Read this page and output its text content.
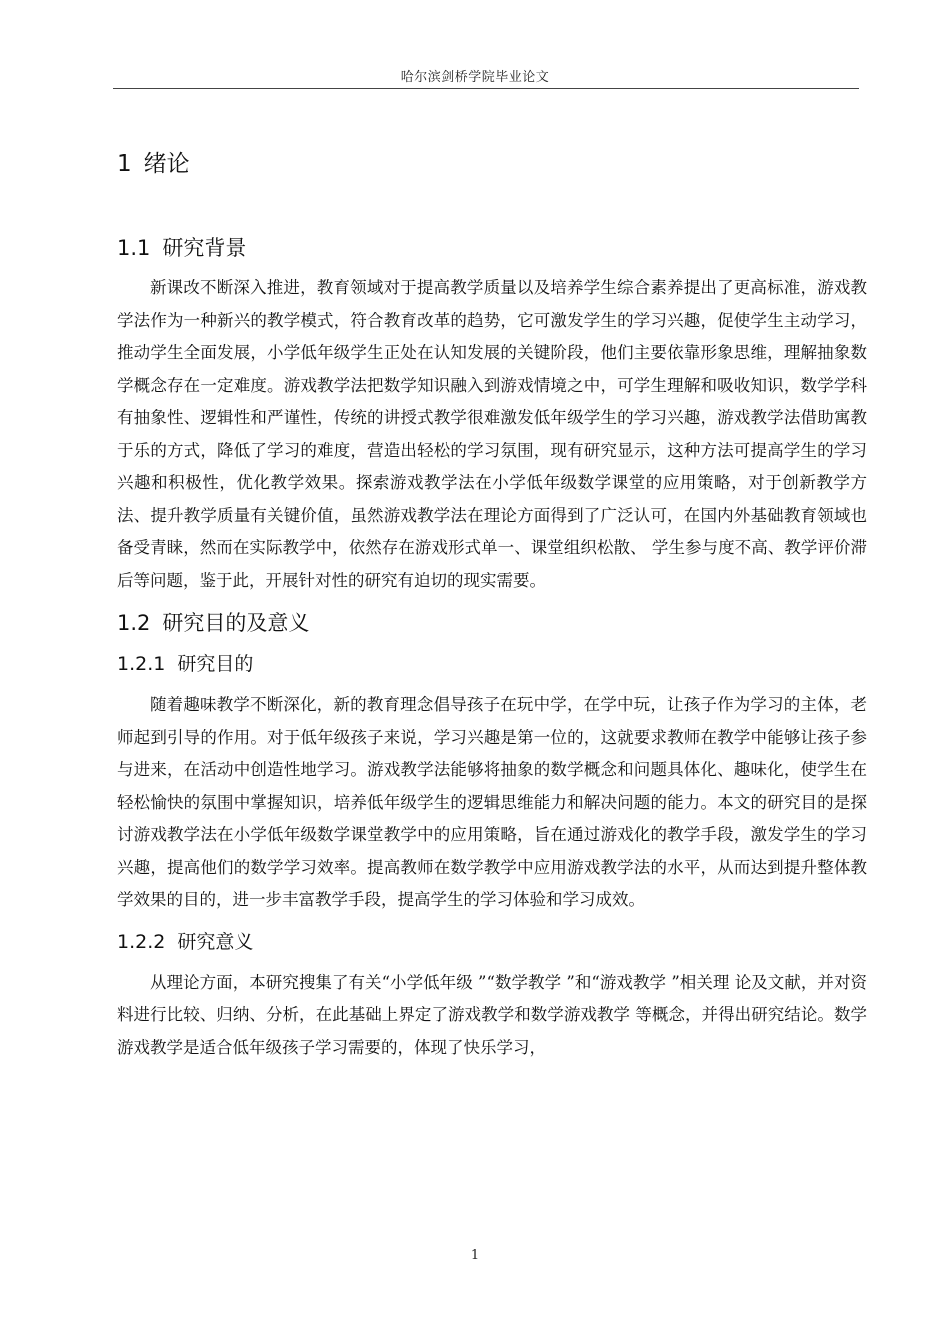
哈尔滨剑桥学院毕业论文
1 绪论
1.1 研究背景

新课改不断深入推进，教育领域对于提高教学质量以及培养学生综合素养提出了更高标准，游戏教学法作为一种新兴的教学模式，符合教育改革的趋势，它可激发学生的学习兴趣，促使学生主动学习，推动学生全面发展，小学低年级学生正处在认知发展的关键阶段，他们主要依靠形象思维，理解抽象数学概念存在一定难度。游戏教学法把数学知识融入到游戏情境之中，可学生理解和吸收知识，数学学科有抽象性、逻辑性和严谨性，传统的讲授式教学很难激发低年级学生的学习兴趣，游戏教学法借助寓教于乐的方式，降低了学习的难度，营造出轻松的学习氛围，现有研究显示，这种方法可提高学生的学习兴趣和积极性，优化教学效果。探索游戏教学法在小学低年级数学课堂的应用策略，对于创新教学方法、提升教学质量有关键价值，虽然游戏教学法在理论方面得到了广泛认可，在国内外基础教育领域也备受青睐，然而在实际教学中，依然存在游戏形式单一、课堂组织松散、 学生参与度不高、教学评价滞后等问题，鉴于此，开展针对性的研究有迫切的现实需要。

1.2 研究目的及意义
1.2.1 研究目的

随着趣味教学不断深化，新的教育理念倡导孩子在玩中学，在学中玩，让孩子作为学习的主体，老师起到引导的作用。对于低年级孩子来说，学习兴趣是第一位的，这就要求教师在教学中能够让孩子参与进来，在活动中创造性地学习。游戏教学法能够将抽象的数学概念和问题具体化、趣味化，使学生在轻松愉快的氛围中掌握知识，培养低年级学生的逻辑思维能力和解决问题的能力。本文的研究目的是探讨游戏教学法在小学低年级数学课堂教学中的应用策略，旨在通过游戏化的教学手段，激发学生的学习兴趣，提高他们的数学学习效率。提高教师在数学教学中应用游戏教学法的水平，从而达到提升整体教学效果的目的，进一步丰富教学手段，提高学生的学习体验和学习成效。

1.2.2 研究意义

从理论方面，本研究搜集了有关“小学低年级 ”“数学教学 ”和“游戏教学 ”相关理 论及文献，并对资料进行比较、归纳、分析，在此基础上界定了游戏教学和数学游戏教学 等概念，并得出研究结论。数学游戏教学是适合低年级孩子学习需要的，体现了快乐学习，

1
